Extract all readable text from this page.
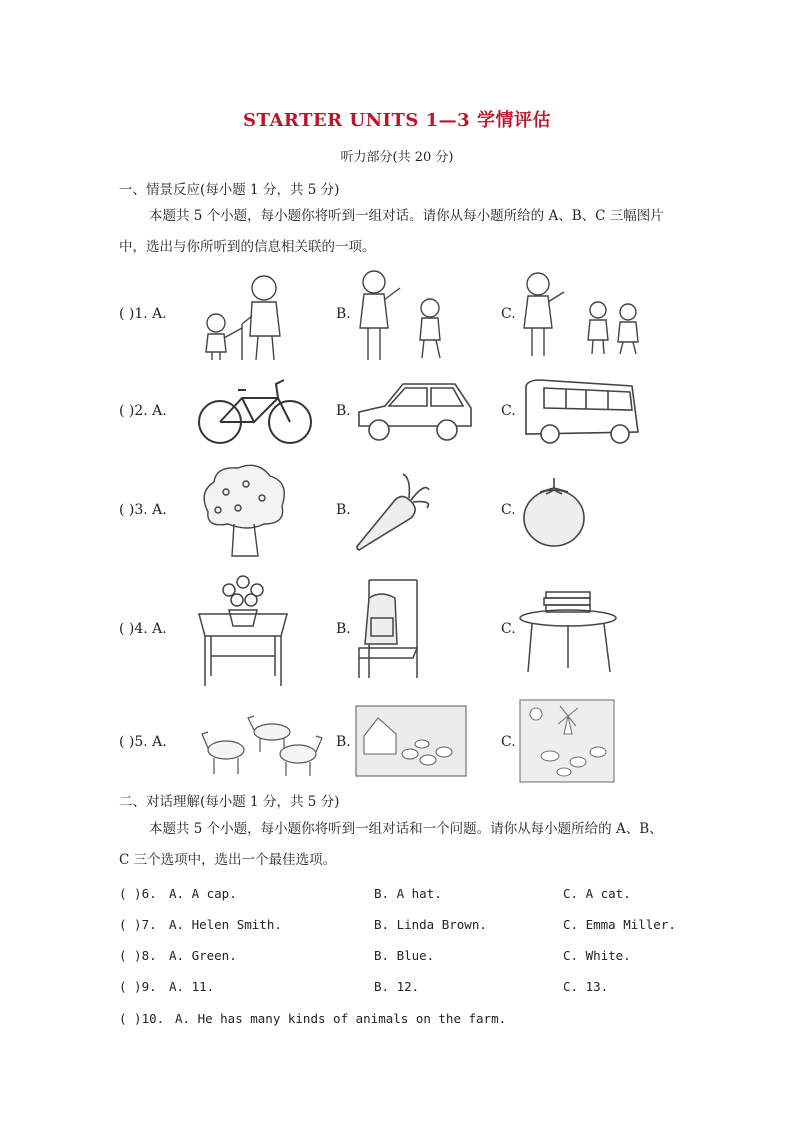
STARTER UNITS 1—3 学情评估
听力部分(共 20 分)
一、情景反应(每小题 1 分，共 5 分)
本题共 5 个小题，每小题你将听到一组对话。请你从每小题所给的 A、B、C 三幅图片
中，选出与你所听到的信息相关联的一项。
( )1. A.	B.	C.
( )2. A.	B.	C.
( )3. A.	B.	C.
( )4. A.	B.	C.
( )5. A.	B.	C.
二、对话理解(每小题 1 分，共 5 分)
本题共 5 个小题，每小题你将听到一组对话和一个问题。请你从每小题所给的 A、B、
C 三个选项中，选出一个最佳选项。
( )6. A. A cap.	B. A hat.	C. A cat.
( )7. A. Helen Smith.	B. Linda Brown.	C. Emma Miller.
( )8. A. Green.	B. Blue.	C. White.
( )9. A. 11.	B. 12.	C. 13.
( )10. A. He has many kinds of animals on the farm.
